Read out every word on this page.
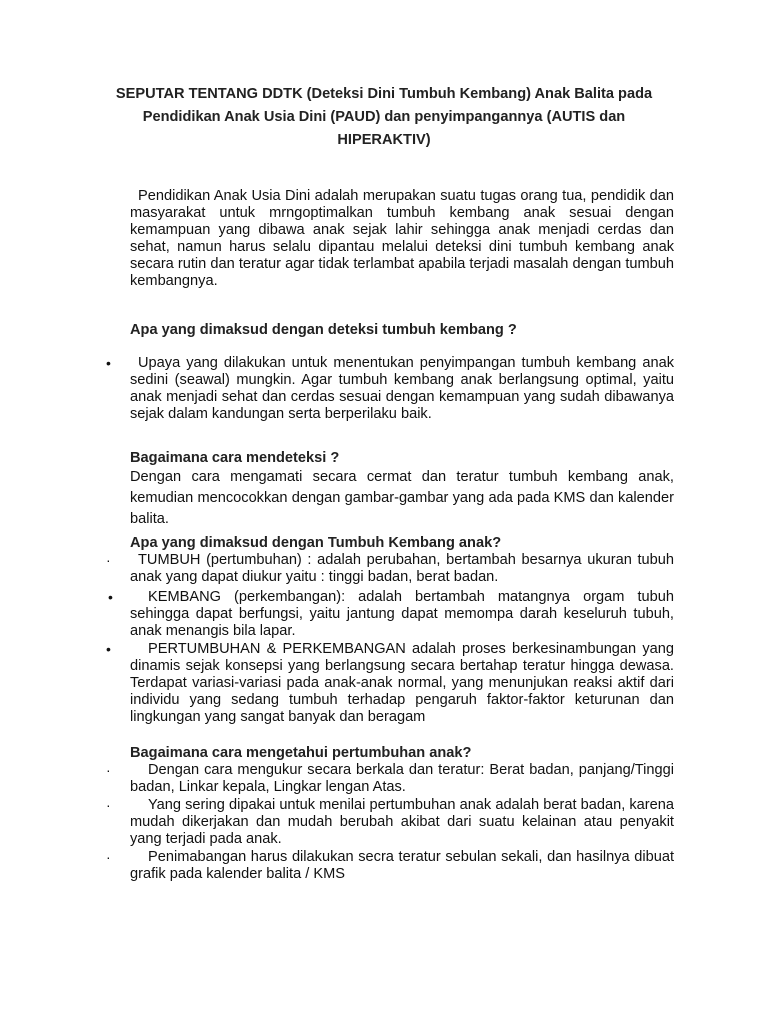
SEPUTAR TENTANG DDTK (Deteksi Dini Tumbuh Kembang) Anak Balita pada Pendidikan Anak Usia Dini (PAUD) dan penyimpangannya (AUTIS dan HIPERAKTIV)
Pendidikan Anak Usia Dini adalah merupakan suatu tugas orang tua, pendidik dan masyarakat untuk mrngoptimalkan tumbuh kembang anak sesuai dengan kemampuan yang dibawa anak sejak lahir sehingga anak menjadi cerdas dan sehat, namun harus selalu dipantau melalui deteksi dini tumbuh kembang anak secara rutin dan teratur agar tidak terlambat apabila terjadi masalah dengan tumbuh kembangnya.
Apa yang dimaksud dengan deteksi tumbuh kembang ?
•	Upaya yang dilakukan untuk menentukan penyimpangan tumbuh kembang anak sedini (seawal) mungkin. Agar tumbuh kembang anak berlangsung optimal, yaitu anak menjadi sehat dan cerdas sesuai dengan kemampuan yang sudah dibawanya sejak dalam kandungan serta berperilaku baik.
Bagaimana cara mendeteksi ?
Dengan cara mengamati secara cermat dan teratur tumbuh kembang anak, kemudian mencocokkan dengan gambar-gambar yang ada pada KMS dan kalender balita.
Apa yang dimaksud dengan Tumbuh Kembang anak?
·	TUMBUH (pertumbuhan) : adalah perubahan, bertambah besarnya ukuran tubuh anak yang dapat diukur yaitu : tinggi badan, berat badan.
•	KEMBANG (perkembangan): adalah bertambah matangnya orgam tubuh sehingga dapat berfungsi, yaitu jantung dapat memompa darah keseluruh tubuh, anak menangis bila lapar.
•	PERTUMBUHAN & PERKEMBANGAN adalah proses berkesinambungan yang dinamis sejak konsepsi yang berlangsung secara bertahap teratur hingga dewasa. Terdapat variasi-variasi pada anak-anak normal, yang menunjukan reaksi aktif dari individu yang sedang tumbuh terhadap pengaruh faktor-faktor keturunan dan lingkungan yang sangat banyak dan beragam
Bagaimana cara mengetahui pertumbuhan anak?
·	Dengan cara mengukur secara berkala dan teratur: Berat badan, panjang/Tinggi badan, Linkar kepala, Lingkar lengan Atas.
·	Yang sering dipakai untuk menilai pertumbuhan anak adalah berat badan, karena mudah dikerjakan dan mudah berubah akibat dari suatu kelainan atau penyakit yang terjadi pada anak.
·	Penimabangan harus dilakukan secra teratur sebulan sekali, dan hasilnya dibuat grafik pada kalender balita / KMS
